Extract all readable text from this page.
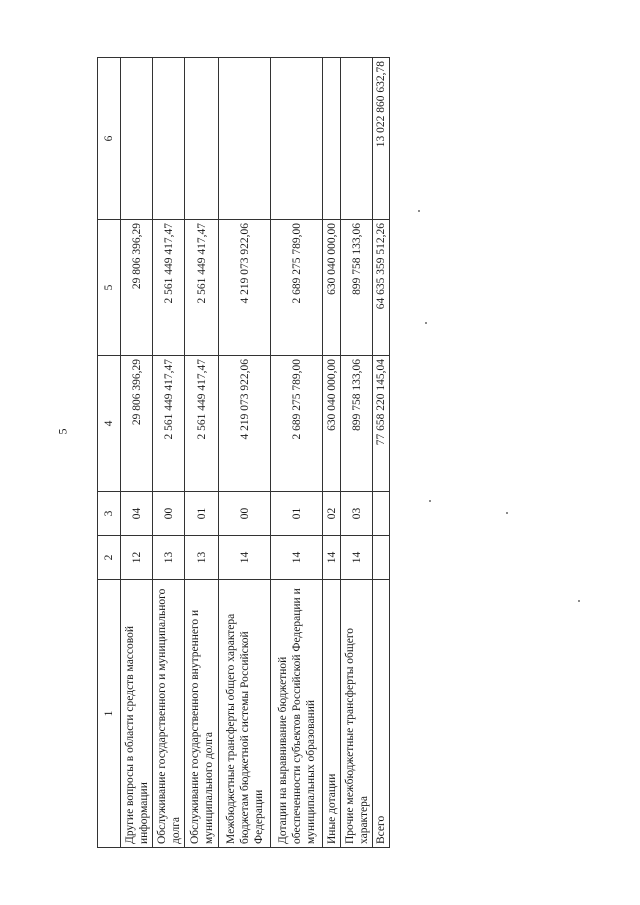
5
1	2	3	4	5	6
Другие вопросы в области средств массовой информации	12	04	29 806 396,29	29 806 396,29	
Обслуживание государственного и муниципального долга	13	00	2 561 449 417,47	2 561 449 417,47	
Обслуживание государственного внутреннего и муниципального долга	13	01	2 561 449 417,47	2 561 449 417,47	
Межбюджетные трансферты общего характера бюджетам бюджетной системы Российской Федерации	14	00	4 219 073 922,06	4 219 073 922,06	
Дотации на выравнивание бюджетной обеспеченности субъектов Российской Федерации и муниципальных образований	14	01	2 689 275 789,00	2 689 275 789,00	
Иные дотации	14	02	630 040 000,00	630 040 000,00	
Прочие межбюджетные трансферты общего характера	14	03	899 758 133,06	899 758 133,06	
Всего			77 658 220 145,04	64 635 359 512,26	13 022 860 632,78
